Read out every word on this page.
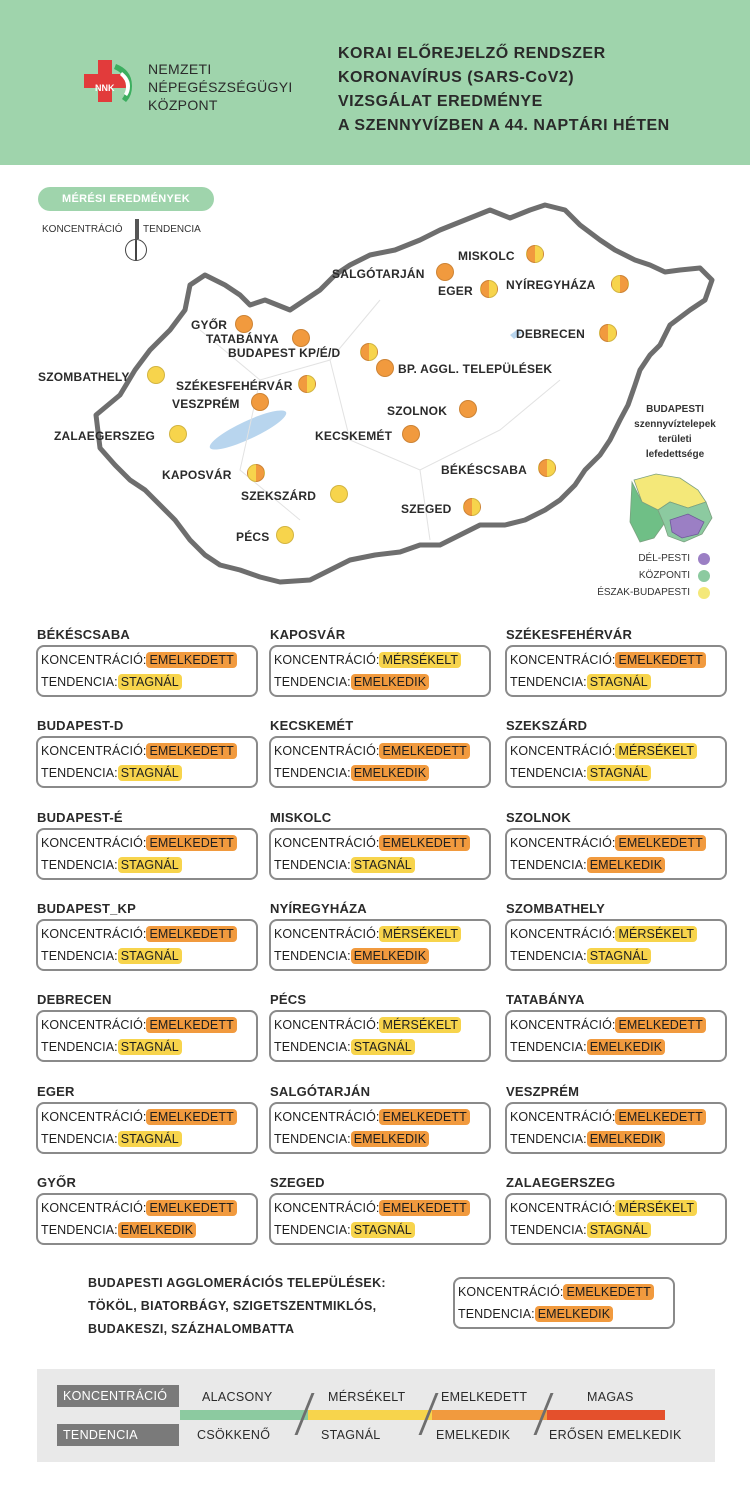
NNK
NEMZETI
NÉPEGÉSZSÉGÜGYI
KÖZPONT
KORAI ELŐREJELZŐ RENDSZER
KORONAVÍRUS (SARS-CoV2)
VIZSGÁLAT EREDMÉNYE
A SZENNYVÍZBEN A 44. NAPTÁRI HÉTEN
MÉRÉSI EREDMÉNYEK
KONCENTRÁCIÓ TENDENCIA
MISKOLC
SALGÓTARJÁN
EGER	NYÍREGYHÁZA
GYŐR
TATABÁNYA
BUDAPEST KP/É/D
BP. AGGL. TELEPÜLÉSEK
DEBRECEN
SZOMBATHELY
SZÉKESFEHÉRVÁR
VESZPRÉM	SZOLNOK
ZALAEGERSZEG	KECSKEMÉT
BÉKÉSCSABA
KAPOSVÁR
SZEKSZÁRD
SZEGED
PÉCS
BUDAPESTI
szennyvíztelepek
területi
lefedettsége
DÉL-PESTI
KÖZPONTI
ÉSZAK-BUDAPESTI
BÉKÉSCSABA
KONCENTRÁCIÓ: EMELKEDETT
TENDENCIA: STAGNÁL
KAPOSVÁR
KONCENTRÁCIÓ: MÉRSÉKELT
TENDENCIA: EMELKEDIK
SZÉKESFEHÉRVÁR
KONCENTRÁCIÓ: EMELKEDETT
TENDENCIA: STAGNÁL
BUDAPEST-D
KONCENTRÁCIÓ: EMELKEDETT
TENDENCIA: STAGNÁL
KECSKEMÉT
KONCENTRÁCIÓ: EMELKEDETT
TENDENCIA: EMELKEDIK
SZEKSZÁRD
KONCENTRÁCIÓ: MÉRSÉKELT
TENDENCIA: STAGNÁL
BUDAPEST-É
KONCENTRÁCIÓ: EMELKEDETT
TENDENCIA: STAGNÁL
MISKOLC
KONCENTRÁCIÓ: EMELKEDETT
TENDENCIA: STAGNÁL
SZOLNOK
KONCENTRÁCIÓ: EMELKEDETT
TENDENCIA: EMELKEDIK
BUDAPEST_KP
KONCENTRÁCIÓ: EMELKEDETT
TENDENCIA: STAGNÁL
NYÍREGYHÁZA
KONCENTRÁCIÓ: MÉRSÉKELT
TENDENCIA: EMELKEDIK
SZOMBATHELY
KONCENTRÁCIÓ: MÉRSÉKELT
TENDENCIA: STAGNÁL
DEBRECEN
KONCENTRÁCIÓ: EMELKEDETT
TENDENCIA: STAGNÁL
PÉCS
KONCENTRÁCIÓ: MÉRSÉKELT
TENDENCIA: STAGNÁL
TATABÁNYA
KONCENTRÁCIÓ: EMELKEDETT
TENDENCIA: EMELKEDIK
EGER
KONCENTRÁCIÓ: EMELKEDETT
TENDENCIA: STAGNÁL
SALGÓTARJÁN
KONCENTRÁCIÓ: EMELKEDETT
TENDENCIA: EMELKEDIK
VESZPRÉM
KONCENTRÁCIÓ: EMELKEDETT
TENDENCIA: EMELKEDIK
GYŐR
KONCENTRÁCIÓ: EMELKEDETT
TENDENCIA: EMELKEDIK
SZEGED
KONCENTRÁCIÓ: EMELKEDETT
TENDENCIA: STAGNÁL
ZALAEGERSZEG
KONCENTRÁCIÓ: MÉRSÉKELT
TENDENCIA: STAGNÁL
BUDAPESTI AGGLOMERÁCIÓS TELEPÜLÉSEK:
TÖKÖL, BIATORBÁGY, SZIGETSZENTMIKLÓS,
BUDAKESZI, SZÁZHALOMBATTA
KONCENTRÁCIÓ: EMELKEDETT
TENDENCIA: EMELKEDIK
KONCENTRÁCIÓ
TENDENCIA
ALACSONY	MÉRSÉKELT	EMELKEDETT	MAGAS
CSÖKKENŐ	STAGNÁL	EMELKEDIK	ERŐSEN EMELKEDIK
